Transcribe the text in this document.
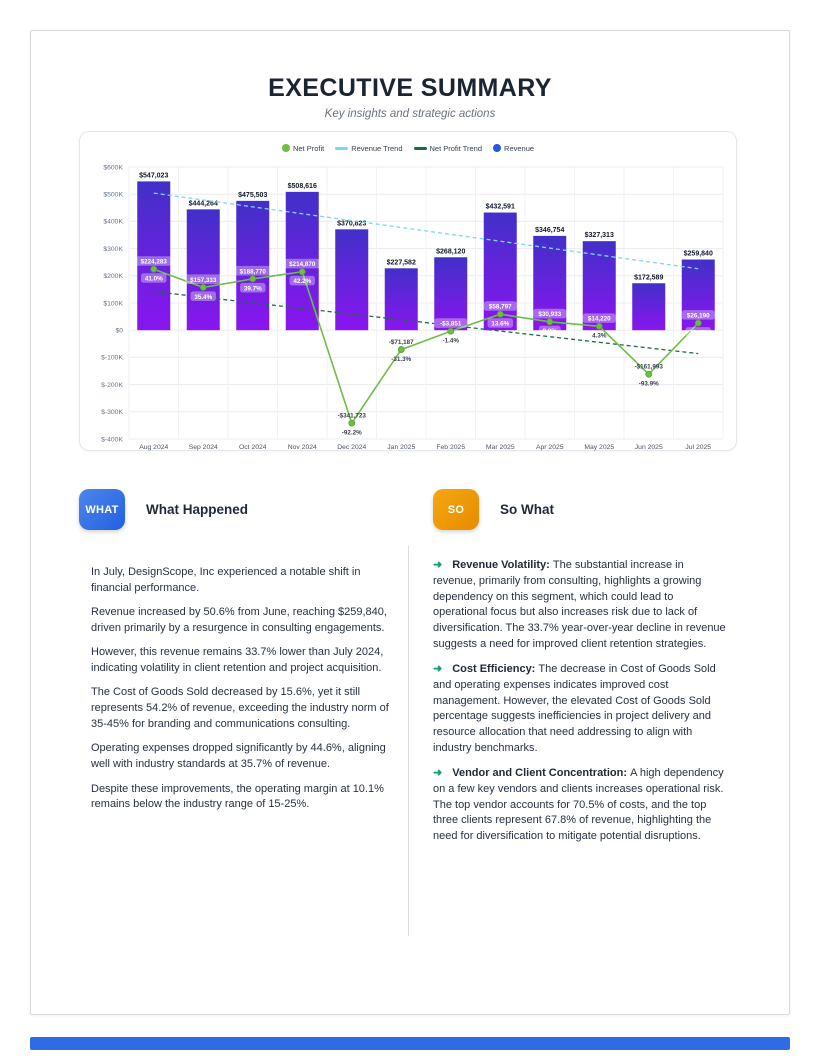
EXECUTIVE SUMMARY
Key insights and strategic actions
Net Profit	Revenue Trend	Net Profit Trend	Revenue
$600K
$500K
$400K
$300K
$200K
$100K
$0
$-100K
$-200K
$-300K
$-400K
$547,023
Aug 2024
$444,264
Sep 2024
$475,503
Oct 2024
$508,616
Nov 2024
$370,823
Dec 2024
$227,582
Jan 2025
$268,120
Feb 2025
$432,591
Mar 2025
$346,754
Apr 2025
$327,313
May 2025
$172,589
Jun 2025
$259,840
Jul 2025
$224,283
41.0%	$157,333
35.4%
$188,770
39.7%
$214,870
42.2%
-$341,723
-92.2%
-$71,187
-31.3%
-$3,851
-1.4%
$58,797
13.6%
$30,933
8.9%
$14,220
4.3%
-$161,993
-93.9%
$26,190
10.1%
WHAT	What Happened

In July, DesignScope, Inc experienced a notable shift in financial performance.

Revenue increased by 50.6% from June, reaching $259,840, driven primarily by a resurgence in consulting engagements.

However, this revenue remains 33.7% lower than July 2024, indicating volatility in client retention and project acquisition.

The Cost of Goods Sold decreased by 15.6%, yet it still represents 54.2% of revenue, exceeding the industry norm of 35-45% for branding and communications consulting.

Operating expenses dropped significantly by 44.6%, aligning well with industry standards at 35.7% of revenue.

Despite these improvements, the operating margin at 10.1% remains below the industry range of 15-25%.

SO	So What
➜ Revenue Volatility: The substantial increase in revenue, primarily from consulting, highlights a growing dependency on this segment, which could lead to operational focus but also increases risk due to lack of diversification. The 33.7% year-over-year decline in revenue suggests a need for improved client retention strategies.
➜ Cost Efficiency: The decrease in Cost of Goods Sold and operating expenses indicates improved cost management. However, the elevated Cost of Goods Sold percentage suggests inefficiencies in project delivery and resource allocation that need addressing to align with industry benchmarks.
➜ Vendor and Client Concentration: A high dependency on a few key vendors and clients increases operational risk. The top vendor accounts for 70.5% of costs, and the top three clients represent 67.8% of revenue, highlighting the need for diversification to mitigate potential disruptions.
